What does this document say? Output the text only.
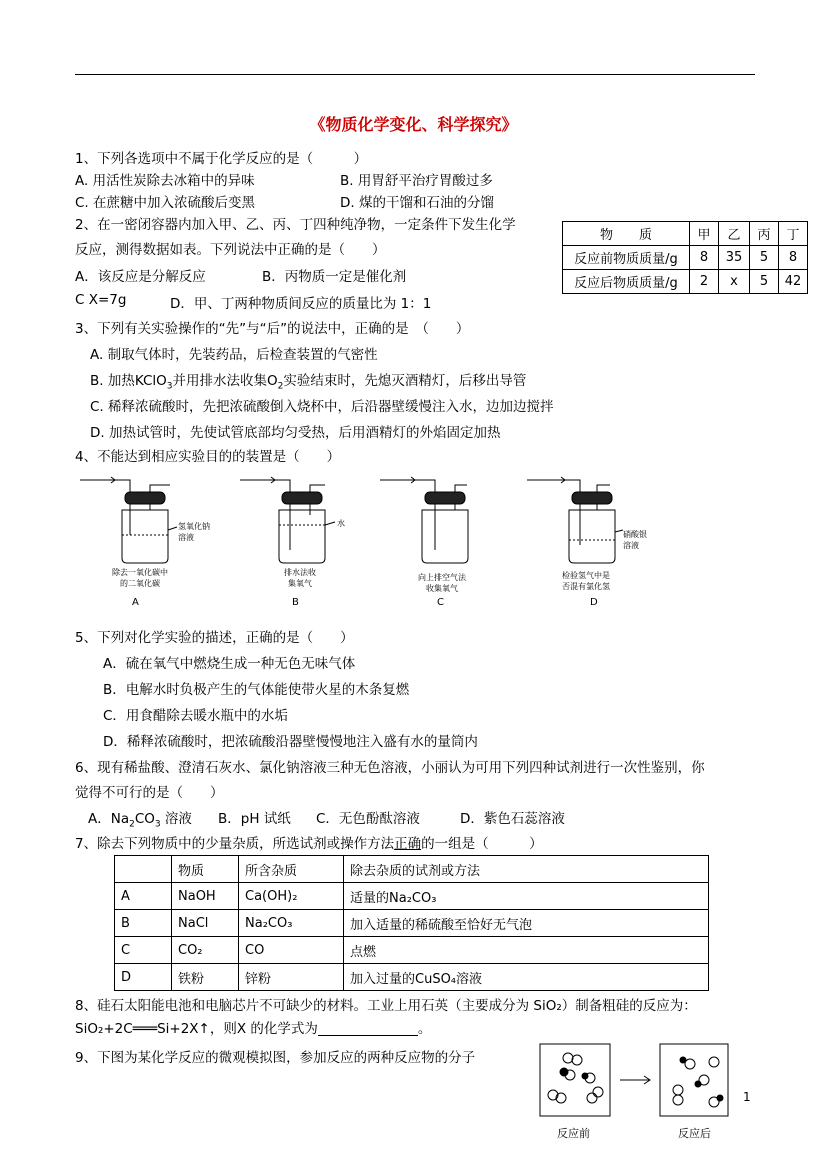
《物质化学变化、科学探究》
1、下列各选项中不属于化学反应的是（　　　）
A. 用活性炭除去冰箱中的异味	B. 用胃舒平治疗胃酸过多
C. 在蔗糖中加入浓硫酸后变黑	D. 煤的干馏和石油的分馏
2、在一密闭容器内加入甲、乙、丙、丁四种纯净物，一定条件下发生化学
反应，测得数据如表。下列说法中正确的是（　　）
A．该反应是分解反应	B．丙物质一定是催化剂
C X=7g	D．甲、丁两种物质间反应的质量比为 1：1
物　　质	甲	乙	丙	丁
反应前物质质量/g	8	35	5	8
反应后物质质量/g	2	x	5	42
3、下列有关实验操作的“先”与“后”的说法中，正确的是　（　　）
A. 制取气体时，先装药品，后检查装置的气密性
B. 加热KClO$_3$并用排水法收集$O_2$实验结束时，先熄灭酒精灯，后移出导管
C. 稀释浓硫酸时，先把浓硫酸倒入烧杯中，后沿器壁缓慢注入水，边加边搅拌
D. 加热试管时，先使试管底部均匀受热，后用酒精灯的外焰固定加热
4、不能达到相应实验目的的装置是（　　）
氢氧化钠
溶液
水
硝酸银
溶液
除去一氧化碳中
的二氧化碳
排水法收
集氧气
向上排空气法
收集氧气
检验氢气中是
否混有氯化氢
A	B	C	D
5、下列对化学实验的描述，正确的是（　　）
A．硫在氧气中燃烧生成一种无色无味气体
B．电解水时负极产生的气体能使带火星的木条复燃
C．用食醋除去暖水瓶中的水垢
D．稀释浓硫酸时，把浓硫酸沿器壁慢慢地注入盛有水的量筒内
6、现有稀盐酸、澄清石灰水、氯化钠溶液三种无色溶液，小丽认为可用下列四种试剂进行一次性鉴别，你
觉得不可行的是（　　）
A．$Na_2CO_3$ 溶液 B．pH 试纸 C．无色酚酞溶液	D．紫色石蕊溶液
7、除去下列物质中的少量杂质，所选试剂或操作方法正确的一组是（　　　）
	物质	所含杂质	除去杂质的试剂或方法
A	NaOH	Ca(OH)₂	适量的Na₂CO₃
B	NaCl	Na₂CO₃	加入适量的稀硫酸至恰好无气泡
C	CO₂	CO	点燃
D	铁粉	锌粉	加入过量的CuSO₄溶液
8、硅石太阳能电池和电脑芯片不可缺少的材料。工业上用石英（主要成分为 SiO₂）制备粗硅的反应为：
SiO₂+2C═══Si+2X↑，则X 的化学式为	。
9、下图为某化学反应的微观模拟图，参加反应的两种反应物的分子
反应前	反应后
1
